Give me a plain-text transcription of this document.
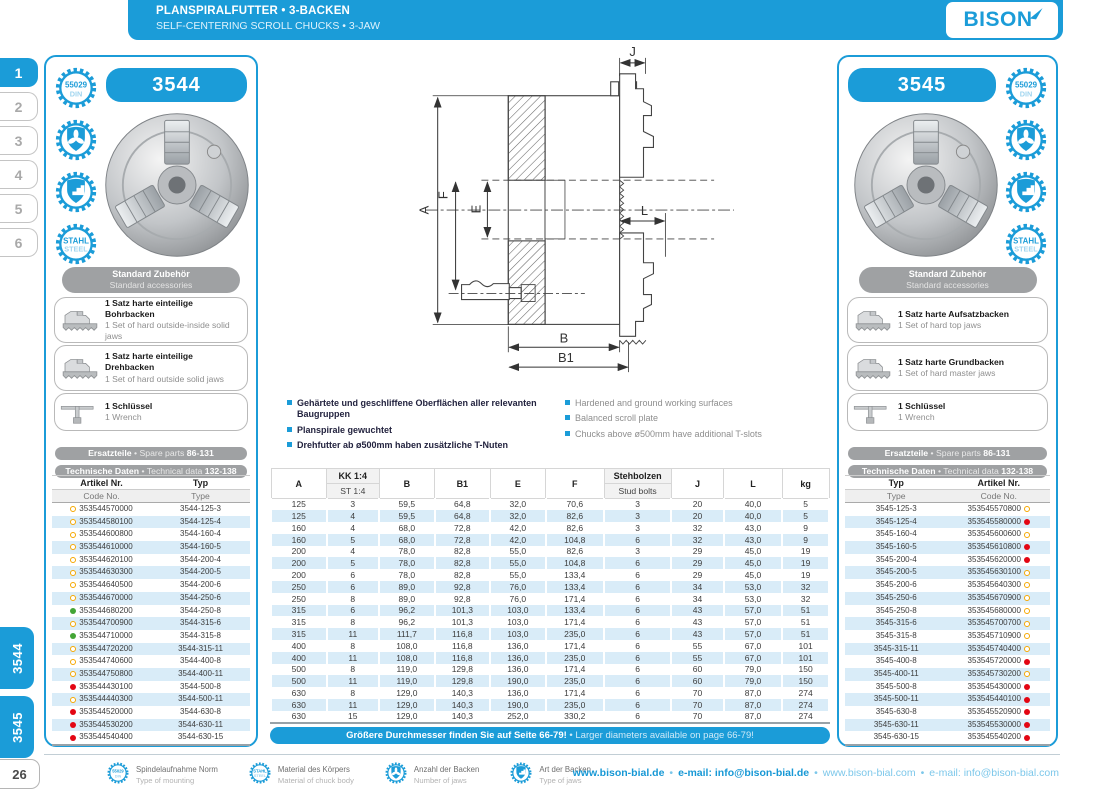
PLANSPIRALFUTTER • 3-BACKEN
SELF-CENTERING SCROLL CHUCKS • 3-JAW	BISON
1
2
3
4
5
6
3544
3545
26
55029
DIN
STAHL
STEEL
3544
Standard Zubehör
Standard accessories
1 Satz harte einteilige Bohrbacken
1 Set of hard outside-inside solid jaws
1 Satz harte einteilige Drehbacken
1 Set of hard outside solid jaws
1 Schlüssel
1 Wrench
Ersatzteile • Spare parts 86-131
Technische Daten • Technical data 132-138
Artikel Nr.	Typ
Code No.	Type
353544570000	3544-125-3
353544580100	3544-125-4
353544600800	3544-160-4
353544610000	3544-160-5
353544620100	3544-200-4
353544630300	3544-200-5
353544640500	3544-200-6
353544670000	3544-250-6
353544680200	3544-250-8
353544700900	3544-315-6
353544710000	3544-315-8
353544720200	3544-315-11
353544740600	3544-400-8
353544750800	3544-400-11
353544430100	3544-500-8
353544440300	3544-500-11
353544520000	3544-630-8
353544530200	3544-630-11
353544540400	3544-630-15
55029
DIN
STAHL
STEEL
3545
Standard Zubehör
Standard accessories
1 Satz harte Aufsatzbacken
1 Set of hard top jaws
1 Satz harte Grundbacken
1 Set of hard master jaws
1 Schlüssel
1 Wrench
Ersatzteile • Spare parts 86-131
Technische Daten • Technical data 132-138
Typ	Artikel Nr.
Type	Code No.
3545-125-3	353545570800
3545-125-4	353545580000
3545-160-4	353545600600
3545-160-5	353545610800
3545-200-4	353545620000
3545-200-5	353545630100
3545-200-6	353545640300
3545-250-6	353545670900
3545-250-8	353545680000
3545-315-6	353545700700
3545-315-8	353545710900
3545-315-11	353545740400
3545-400-8	353545720000
3545-400-11	353545730200
3545-500-8	353545430000
3545-500-11	353545440100
3545-630-8	353545520900
3545-630-11	353545530000
3545-630-15	353545540200
A
F
E
J
L
B
B1
Gehärtete und geschliffene Oberflächen aller relevanten Baugruppen
Planspirale gewuchtet
Drehfutter ab ø500mm haben zusätzliche T-Nuten
Hardened and ground working surfaces
Balanced scroll plate
Chucks above ø500mm have additional T-slots
A	KK 1:4	B	B1	E	F	Stehbolzen	J	L	kg
	ST 1:4					Stud bolts			
125	3	59,5	64,8	32,0	70,6	3	20	40,0	5
125	4	59,5	64,8	32,0	82,6	3	20	40,0	5
160	4	68,0	72,8	42,0	82,6	3	32	43,0	9
160	5	68,0	72,8	42,0	104,8	6	32	43,0	9
200	4	78,0	82,8	55,0	82,6	3	29	45,0	19
200	5	78,0	82,8	55,0	104,8	6	29	45,0	19
200	6	78,0	82,8	55,0	133,4	6	29	45,0	19
250	6	89,0	92,8	76,0	133,4	6	34	53,0	32
250	8	89,0	92,8	76,0	171,4	6	34	53,0	32
315	6	96,2	101,3	103,0	133,4	6	43	57,0	51
315	8	96,2	101,3	103,0	171,4	6	43	57,0	51
315	11	111,7	116,8	103,0	235,0	6	43	57,0	51
400	8	108,0	116,8	136,0	171,4	6	55	67,0	101
400	11	108,0	116,8	136,0	235,0	6	55	67,0	101
500	8	119,0	129,8	136,0	171,4	6	60	79,0	150
500	11	119,0	129,8	190,0	235,0	6	60	79,0	150
630	8	129,0	140,3	136,0	171,4	6	70	87,0	274
630	11	129,0	140,3	190,0	235,0	6	70	87,0	274
630	15	129,0	140,3	252,0	330,2	6	70	87,0	274
Größere Durchmesser finden Sie auf Seite 66-79! • Larger diameters available on page 66-79!
55029
DIN
Spindelaufnahme Norm
Type of mounting
STAHL
STEEL
Material des Körpers
Material of chuck body
Anzahl der Backen
Number of jaws
Art der Backen
Type of jaws
www.bison-bial.de • e-mail: info@bison-bial.de • www.bison-bial.com • e-mail: info@bison-bial.com
